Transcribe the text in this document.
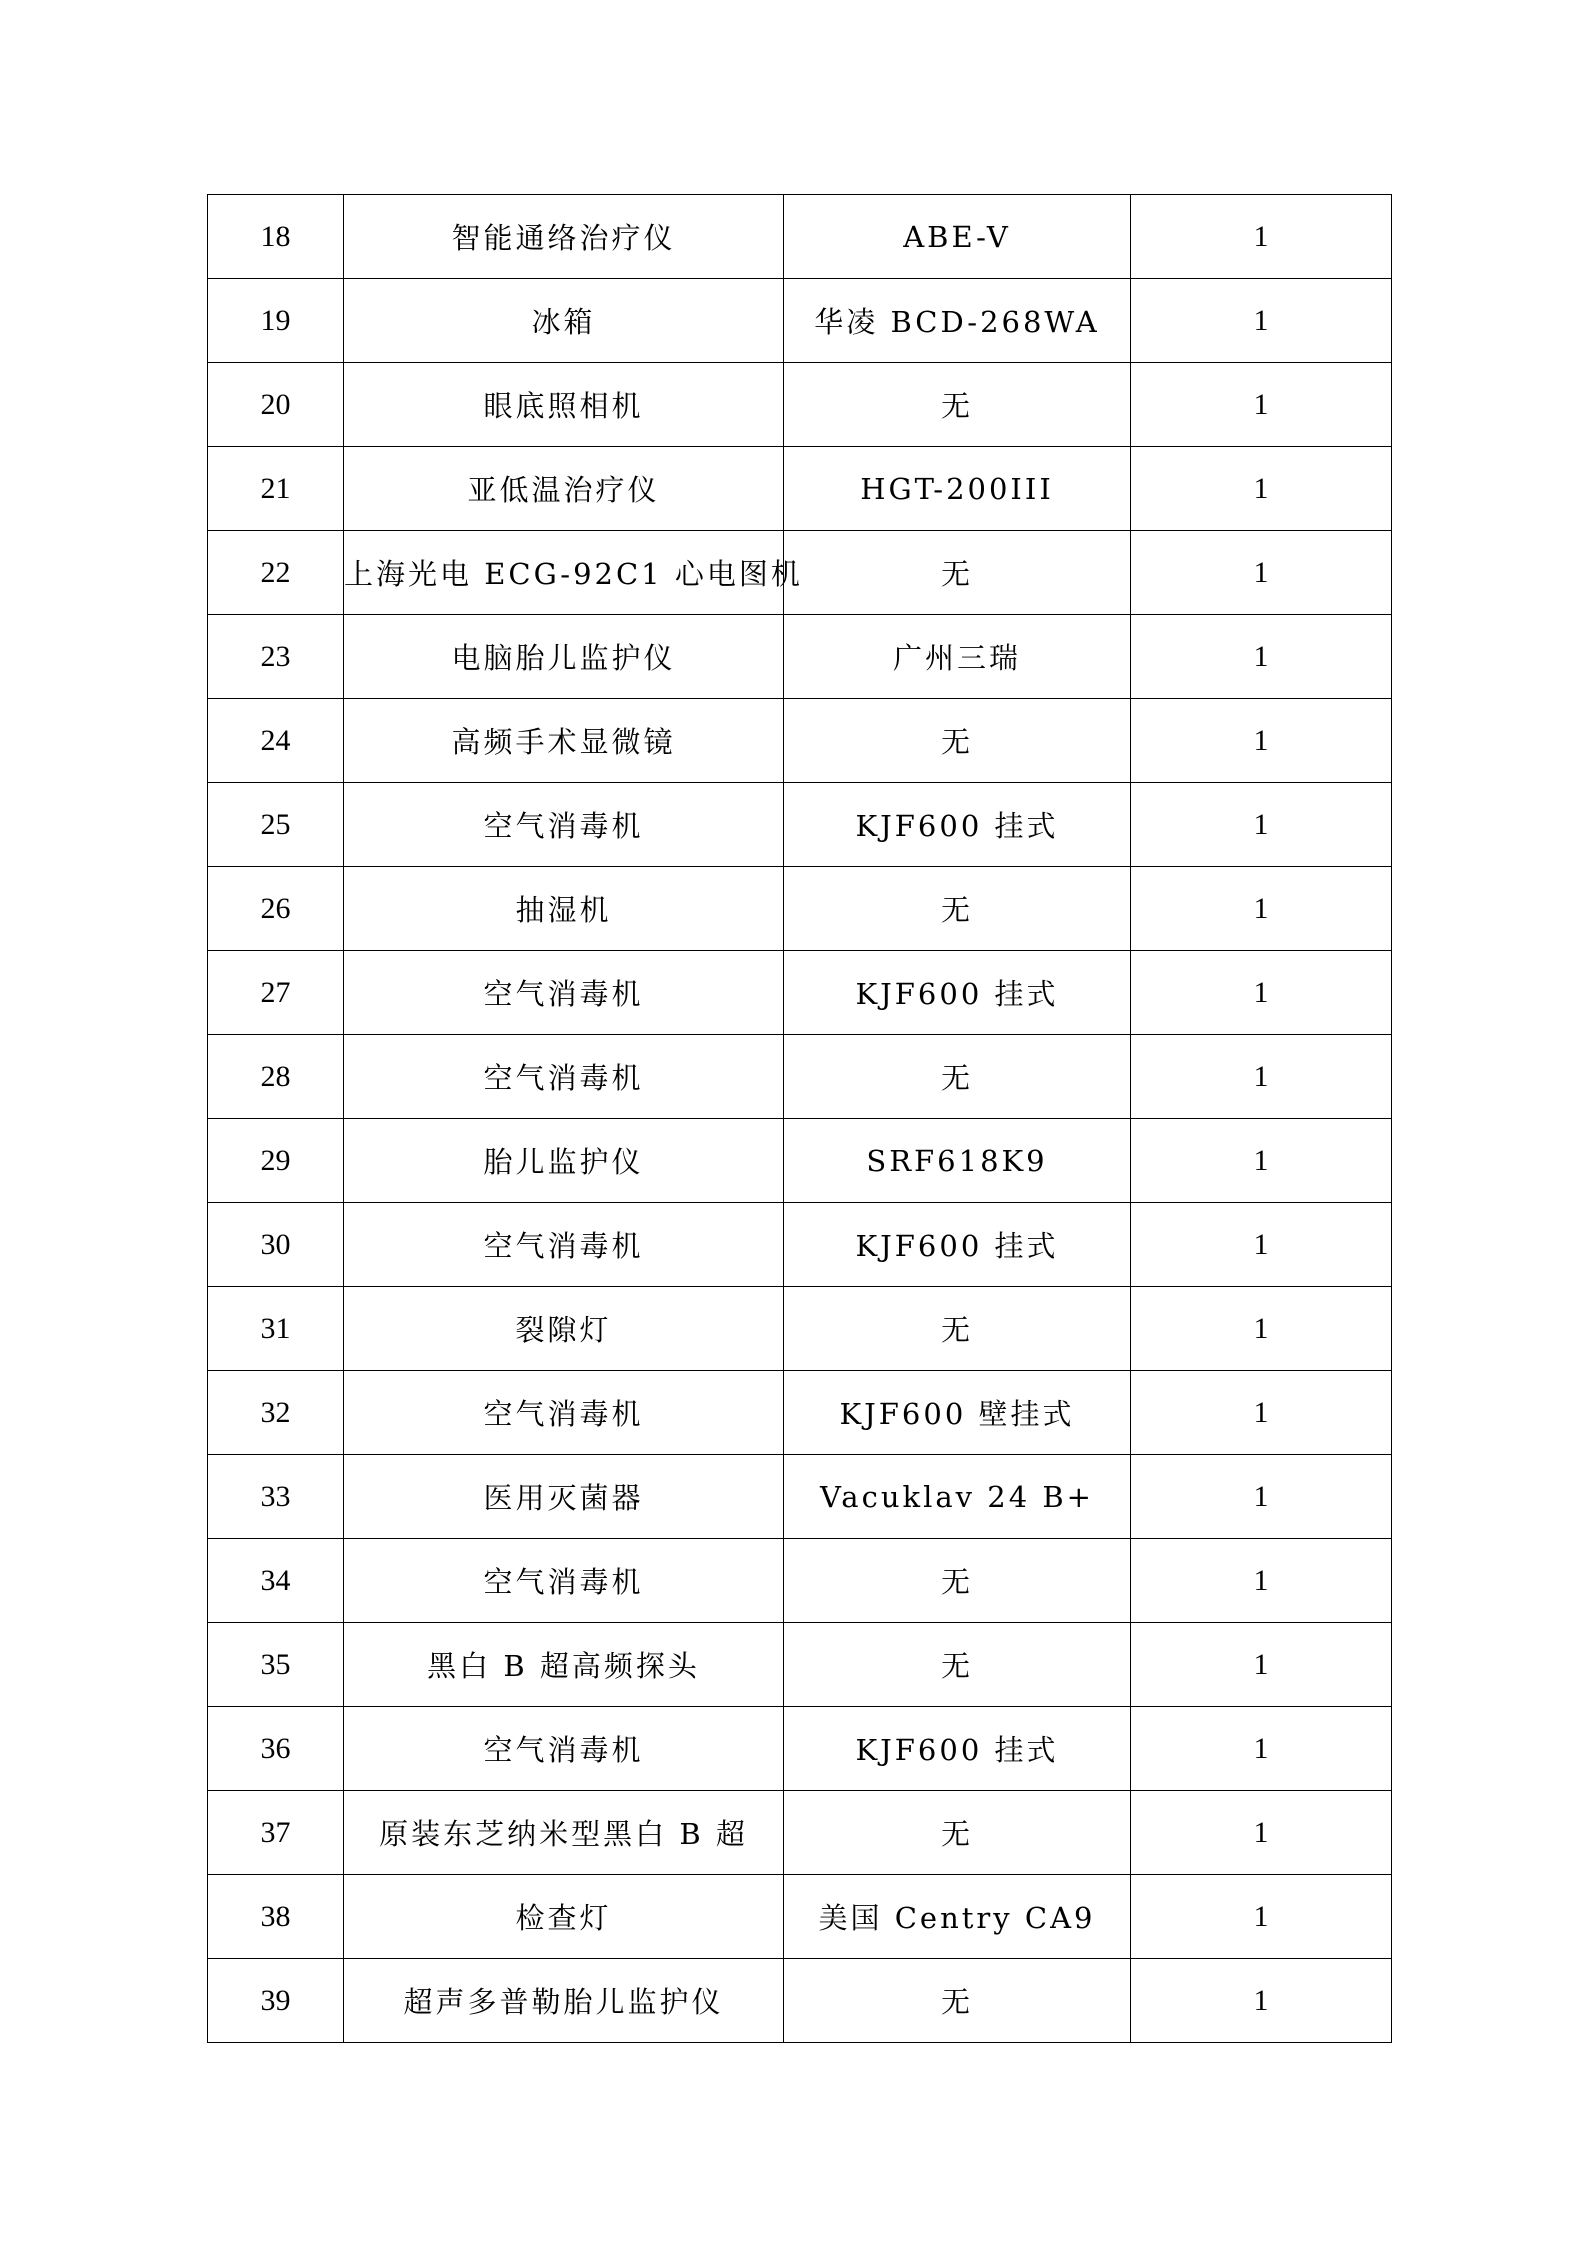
18	智能通络治疗仪	ABE-V	1
19	冰箱	华凌 BCD-268WA	1
20	眼底照相机	无	1
21	亚低温治疗仪	HGT-200III	1
22	上海光电 ECG-92C1 心电图机	无	1
23	电脑胎儿监护仪	广州三瑞	1
24	高频手术显微镜	无	1
25	空气消毒机	KJF600 挂式	1
26	抽湿机	无	1
27	空气消毒机	KJF600 挂式	1
28	空气消毒机	无	1
29	胎儿监护仪	SRF618K9	1
30	空气消毒机	KJF600 挂式	1
31	裂隙灯	无	1
32	空气消毒机	KJF600 壁挂式	1
33	医用灭菌器	Vacuklav 24 B+	1
34	空气消毒机	无	1
35	黑白 B 超高频探头	无	1
36	空气消毒机	KJF600 挂式	1
37	原装东芝纳米型黑白 B 超	无	1
38	检查灯	美国 Centry CA9	1
39	超声多普勒胎儿监护仪	无	1
